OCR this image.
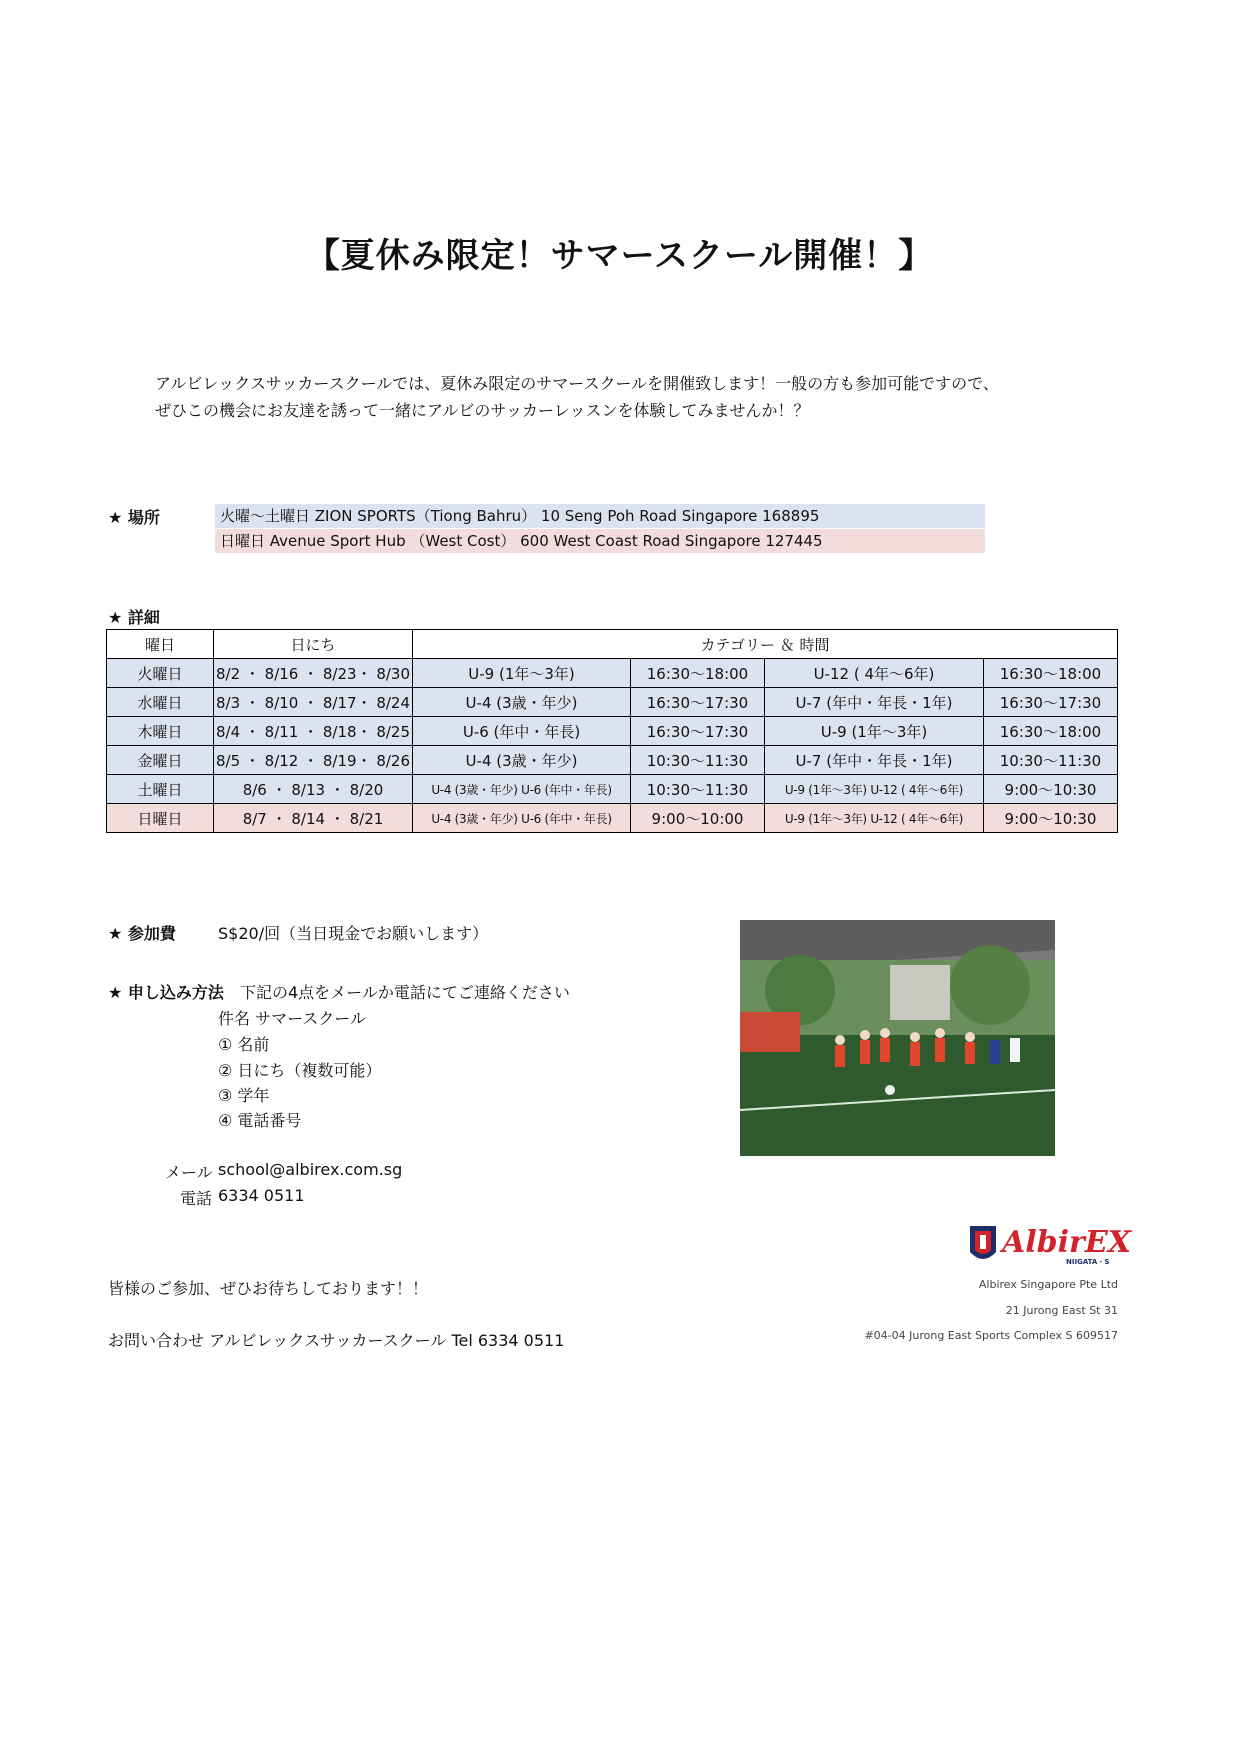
【夏休み限定！サマースクール開催！】
アルビレックスサッカースクールでは、夏休み限定のサマースクールを開催致します！一般の方も参加可能ですので、
ぜひこの機会にお友達を誘って一緒にアルビのサッカーレッスンを体験してみませんか！？
★ 場所	火曜〜土曜日 ZION SPORTS（Tiong Bahru） 10 Seng Poh Road Singapore 168895
日曜日 Avenue Sport Hub （West Cost） 600 West Coast Road Singapore 127445
★ 詳細
曜日	日にち	カテゴリー ＆ 時間			
火曜日	8/2 ・ 8/16 ・ 8/23・ 8/30	U-9 (1年〜3年)	16:30〜18:00	U-12 ( 4年〜6年)	16:30〜18:00
水曜日	8/3 ・ 8/10 ・ 8/17・ 8/24	U-4 (3歳・年少)	16:30〜17:30	U-7 (年中・年長・1年)	16:30〜17:30
木曜日	8/4 ・ 8/11 ・ 8/18・ 8/25	U-6 (年中・年長)	16:30〜17:30	U-9 (1年〜3年)	16:30〜18:00
金曜日	8/5 ・ 8/12 ・ 8/19・ 8/26	U-4 (3歳・年少)	10:30〜11:30	U-7 (年中・年長・1年)	10:30〜11:30
土曜日	8/6 ・ 8/13 ・ 8/20	U-4 (3歳・年少) U-6 (年中・年長)	10:30〜11:30	U-9 (1年〜3年) U-12 ( 4年〜6年)	9:00〜10:30
日曜日	8/7 ・ 8/14 ・ 8/21	U-4 (3歳・年少) U-6 (年中・年長)	9:00〜10:00	U-9 (1年〜3年) U-12 ( 4年〜6年)	9:00〜10:30
★ 参加費	S$20/回（当日現金でお願いします）
★ 申し込み方法 下記の4点をメールか電話にてご連絡ください
件名 サマースクール
① 名前
② 日にち（複数可能）
③ 学年
④ 電話番号
メール school@albirex.com.sg
電話 6334 0511
皆様のご参加、ぜひお待ちしております！！
お問い合わせ アルビレックスサッカースクール Tel 6334 0511
AlbirEX
NIIGATA・S
Albirex Singapore Pte Ltd
21 Jurong East St 31
#04-04 Jurong East Sports Complex S 609517
